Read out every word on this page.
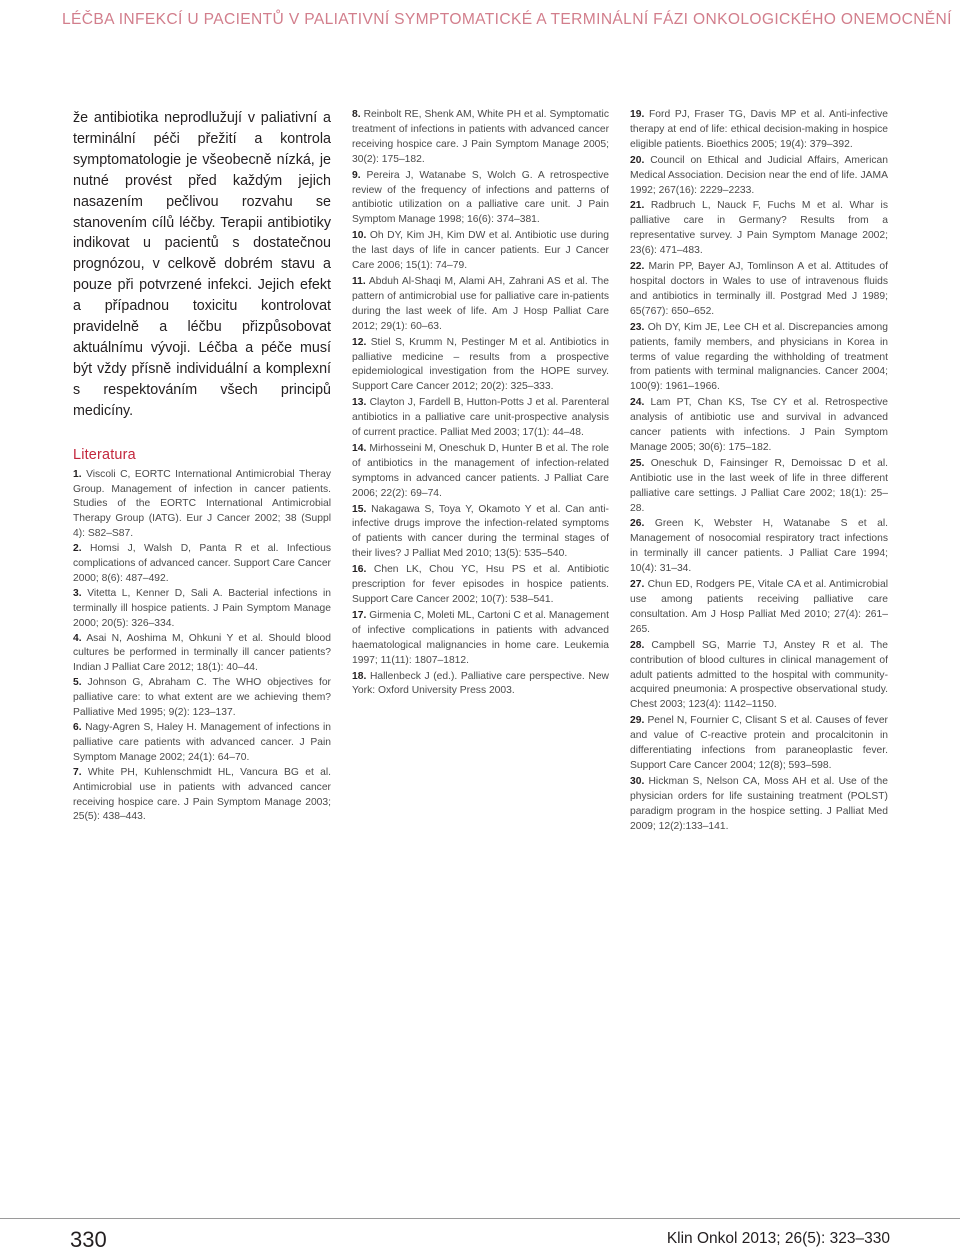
LÉČBA INFEKCÍ U PACIENTŮ V PALIATIVNÍ SYMPTOMATICKÉ A TERMINÁLNÍ FÁZI ONKOLOGICKÉHO ONEMOCNĚNÍ

že antibiotika neprodlužují v paliativní a terminální péči přežití a kontrola symptomatologie je všeobecně nízká, je nutné provést před každým jejich nasazením pečlivou rozvahu se stanovením cílů léčby. Terapii antibiotiky indikovat u pacientů s dostatečnou prognózou, v celkově dobrém stavu a pouze při potvrzené infekci. Jejich efekt a případnou toxicitu kontrolovat pravidelně a léčbu přizpůsobovat aktuálnímu vývoji. Léčba a péče musí být vždy přísně individuální a komplexní s respektováním všech principů medicíny.

Literatura
1. Viscoli C, EORTC International Antimicrobial Theray Group. Management of infection in cancer patients. Studies of the EORTC International Antimicrobial Therapy Group (IATG). Eur J Cancer 2002; 38 (Suppl 4): S82–S87.
2. Homsi J, Walsh D, Panta R et al. Infectious complications of advanced cancer. Support Care Cancer 2000; 8(6): 487–492.
3. Vitetta L, Kenner D, Sali A. Bacterial infections in terminally ill hospice patients. J Pain Symptom Manage 2000; 20(5): 326–334.
4. Asai N, Aoshima M, Ohkuni Y et al. Should blood cultures be performed in terminally ill cancer patients? Indian J Palliat Care 2012; 18(1): 40–44.
5. Johnson G, Abraham C. The WHO objectives for palliative care: to what extent are we achieving them? Palliative Med 1995; 9(2): 123–137.
6. Nagy-Agren S, Haley H. Management of infections in palliative care patients with advanced cancer. J Pain Symptom Manage 2002; 24(1): 64–70.
7. White PH, Kuhlenschmidt HL, Vancura BG et al. Antimicrobial use in patients with advanced cancer receiving hospice care. J Pain Symptom Manage 2003; 25(5): 438–443.
8. Reinbolt RE, Shenk AM, White PH et al. Symptomatic treatment of infections in patients with advanced cancer receiving hospice care. J Pain Symptom Manage 2005; 30(2): 175–182.
9. Pereira J, Watanabe S, Wolch G. A retrospective review of the frequency of infections and patterns of antibiotic utilization on a palliative care unit. J Pain Symptom Manage 1998; 16(6): 374–381.
10. Oh DY, Kim JH, Kim DW et al. Antibiotic use during the last days of life in cancer patients. Eur J Cancer Care 2006; 15(1): 74–79.
11. Abduh Al-Shaqi M, Alami AH, Zahrani AS et al. The pattern of antimicrobial use for palliative care in-patients during the last week of life. Am J Hosp Palliat Care 2012; 29(1): 60–63.
12. Stiel S, Krumm N, Pestinger M et al. Antibiotics in palliative medicine – results from a prospective epidemiological investigation from the HOPE survey. Support Care Cancer 2012; 20(2): 325–333.
13. Clayton J, Fardell B, Hutton-Potts J et al. Parenteral antibiotics in a palliative care unit-prospective analysis of current practice. Palliat Med 2003; 17(1): 44–48.
14. Mirhosseini M, Oneschuk D, Hunter B et al. The role of antibiotics in the management of infection-related symptoms in advanced cancer patients. J Palliat Care 2006; 22(2): 69–74.
15. Nakagawa S, Toya Y, Okamoto Y et al. Can anti-infective drugs improve the infection-related symptoms of patients with cancer during the terminal stages of their lives? J Palliat Med 2010; 13(5): 535–540.
16. Chen LK, Chou YC, Hsu PS et al. Antibiotic prescription for fever episodes in hospice patients. Support Care Cancer 2002; 10(7): 538–541.
17. Girmenia C, Moleti ML, Cartoni C et al. Management of infective complications in patients with advanced haematological malignancies in home care. Leukemia 1997; 11(11): 1807–1812.
18. Hallenbeck J (ed.). Palliative care perspective. New York: Oxford University Press 2003.
19. Ford PJ, Fraser TG, Davis MP et al. Anti-infective therapy at end of life: ethical decision-making in hospice eligible patients. Bioethics 2005; 19(4): 379–392.
20. Council on Ethical and Judicial Affairs, American Medical Association. Decision near the end of life. JAMA 1992; 267(16): 2229–2233.
21. Radbruch L, Nauck F, Fuchs M et al. Whar is palliative care in Germany? Results from a representative survey. J Pain Symptom Manage 2002; 23(6): 471–483.
22. Marin PP, Bayer AJ, Tomlinson A et al. Attitudes of hospital doctors in Wales to use of intravenous fluids and antibiotics in terminally ill. Postgrad Med J 1989; 65(767): 650–652.
23. Oh DY, Kim JE, Lee CH et al. Discrepancies among patients, family members, and physicians in Korea in terms of value regarding the withholding of treatment from patients with terminal malignancies. Cancer 2004; 100(9): 1961–1966.
24. Lam PT, Chan KS, Tse CY et al. Retrospective analysis of antibiotic use and survival in advanced cancer patients with infections. J Pain Symptom Manage 2005; 30(6): 175–182.
25. Oneschuk D, Fainsinger R, Demoissac D et al. Antibiotic use in the last week of life in three different palliative care settings. J Palliat Care 2002; 18(1): 25–28.
26. Green K, Webster H, Watanabe S et al. Management of nosocomial respiratory tract infections in terminally ill cancer patients. J Palliat Care 1994; 10(4): 31–34.
27. Chun ED, Rodgers PE, Vitale CA et al. Antimicrobial use among patients receiving palliative care consultation. Am J Hosp Palliat Med 2010; 27(4): 261–265.
28. Campbell SG, Marrie TJ, Anstey R et al. The contribution of blood cultures in clinical management of adult patients admitted to the hospital with community-acquired pneumonia: A prospective observational study. Chest 2003; 123(4): 1142–1150.
29. Penel N, Fournier C, Clisant S et al. Causes of fever and value of C-reactive protein and procalcitonin in differentiating infections from paraneoplastic fever. Support Care Cancer 2004; 12(8); 593–598.
30. Hickman S, Nelson CA, Moss AH et al. Use of the physician orders for life sustaining treatment (POLST) paradigm program in the hospice setting. J Palliat Med 2009; 12(2):133–141.
330	Klin Onkol 2013; 26(5): 323–330
